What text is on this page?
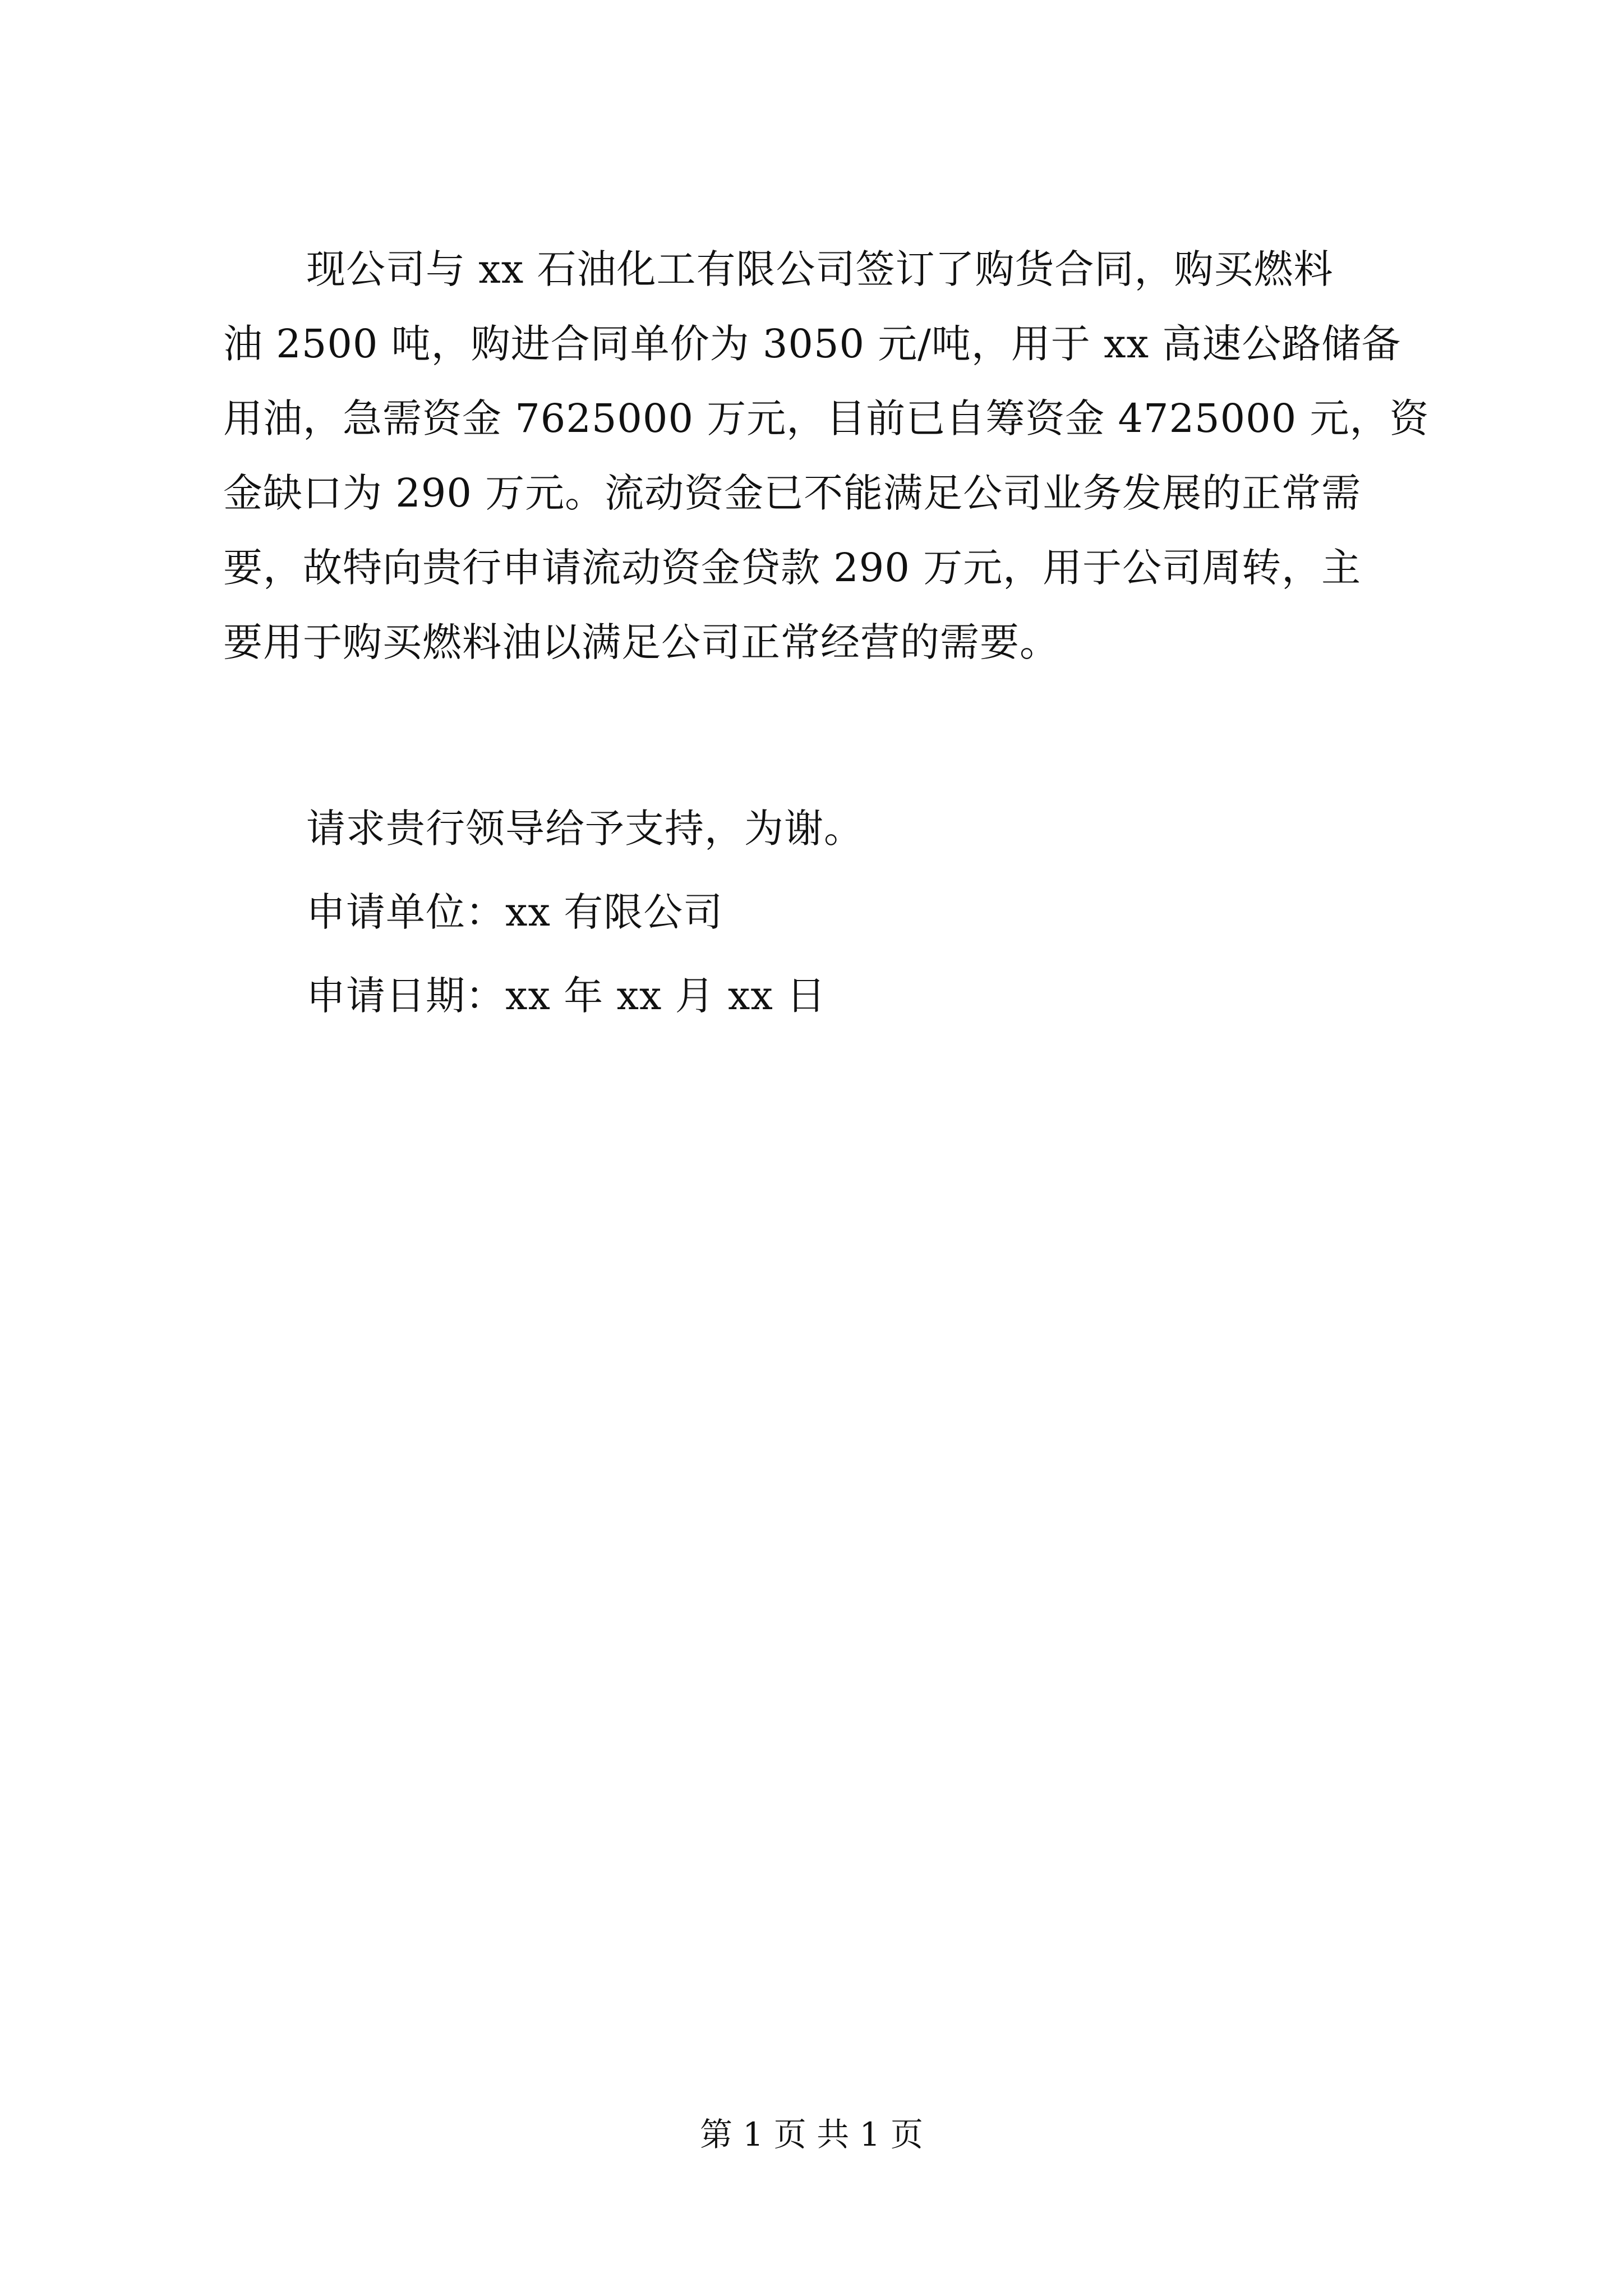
现公司与 xx 石油化工有限公司签订了购货合同，购买燃料
油 2500 吨，购进合同单价为 3050 元/吨，用于 xx 高速公路储备
用油，急需资金 7625000 万元，目前已自筹资金 4725000 元，资
金缺口为 290 万元。流动资金已不能满足公司业务发展的正常需
要，故特向贵行申请流动资金贷款 290 万元，用于公司周转，主
要用于购买燃料油以满足公司正常经营的需要。
请求贵行领导给予支持，为谢。
申请单位：xx 有限公司
申请日期：xx 年 xx 月 xx 日
第 1 页 共 1 页
